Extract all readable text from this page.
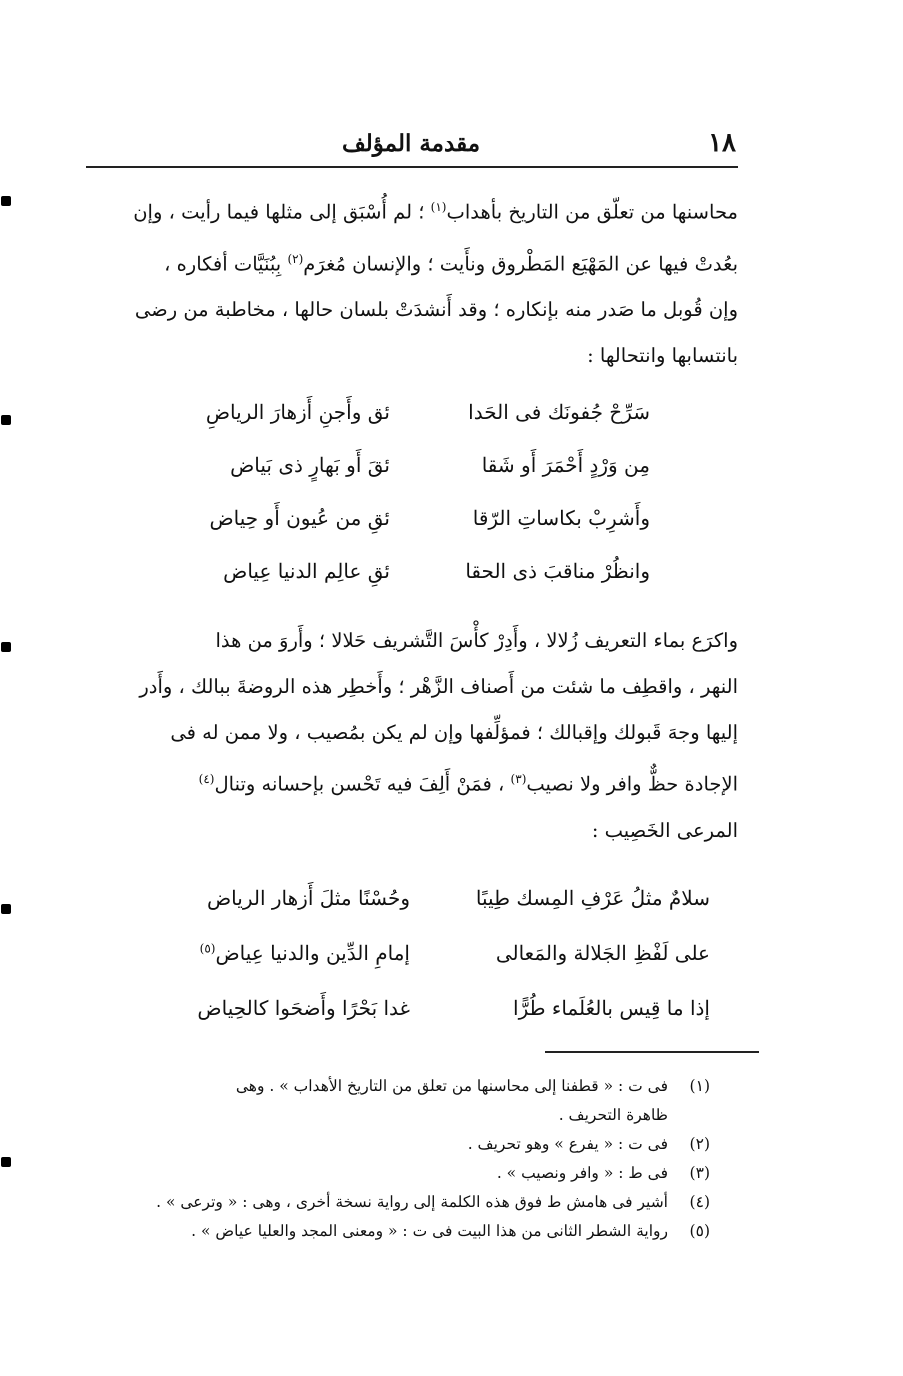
١٨
مقدمة المؤلف
محاسنها من تعلّق من التاريخ بأهداب$^{(١)}$ ؛ لم أُسْبَق إلى مثلها فيما رأيت ، وإن
بعُدتْ فيها عن المَهْيَع المَطْروق ونأَيت ؛ والإنسان مُغرَم$^{(٢)}$ بِبُنَيَّات أفكاره ،
وإن قُوبل ما صَدر منه بإنكاره ؛ وقد أَنشدَتْ بلسان حالها ، مخاطبة من رضى
بانتسابها وانتحالها :
سَرِّحْ جُفونَك فى الحَدا
ئق وأَجنِ أَزهارَ الرياضِ
مِن وَرْدٍ أَحْمَرَ أَو شَقا
ئقَ أَو بَهارٍ ذى بَياض
وأَشرِبْ بكاساتِ الرّقا
ئقِ من عُيون أَو حِياض
وانظُرْ مناقبَ ذى الحقا
ئقِ عالِم الدنيا عِياض
واكرَع بماء التعريف زُلالا ، وأَدِرْ كأْسَ التَّشريف حَلالا ؛ وأَروَ من هذا
النهر ، واقطِف ما شئت من أَصناف الزَّهْر ؛ وأَخطِر هذه الروضةَ ببالك ، وأَدر
إليها وجهَ قَبولك وإقبالك ؛ فمؤلِّفها وإن لم يكن بمُصيب ، ولا ممن له فى
الإجادة حظٌّ وافر ولا نصيب$^{(٣)}$ ، فمَنْ أَلِفَ فيه تَحْسن بإحسانه وتنال$^{(٤)}$
المرعى الخَصِيب :
سلامٌ مثلُ عَرْفِ المِسك طِيبًا
وحُسْنًا مثلَ أَزهار الرياض
على لَفْظِ الجَلالة والمَعالى
إمامِ الدِّين والدنيا عِياض$^{(٥)}$
إذا ما قِيس بالعُلَماء طُرًّا
غدا بَحْرًا وأَضحَوا كالحِياض
(١)
فى ت : « قطفنا إلى محاسنها من تعلق من التاريخ الأهداب » . وهى
ظاهرة التحريف .
(٢)
فى ت : « يفرع » وهو تحريف .
(٣)
فى ط : « وافر ونصيب » .
(٤)
أشير فى هامش ط فوق هذه الكلمة إلى رواية نسخة أخرى ، وهى : « وترعى » .
(٥)
رواية الشطر الثانى من هذا البيت فى ت : « ومعنى المجد والعليا عياض » .
